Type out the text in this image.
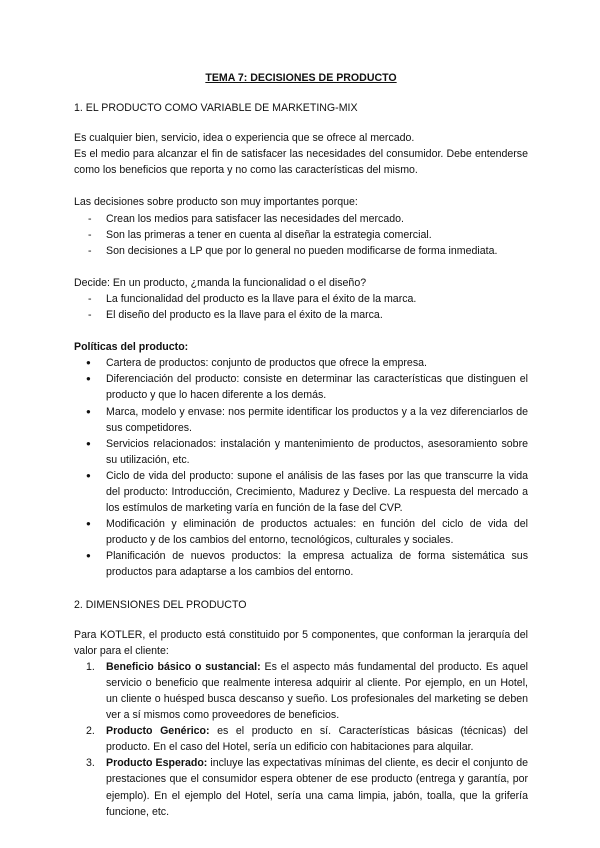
TEMA 7: DECISIONES DE PRODUCTO
1. EL PRODUCTO COMO VARIABLE DE MARKETING-MIX

Es cualquier bien, servicio, idea o experiencia que se ofrece al mercado.

Es el medio para alcanzar el fin de satisfacer las necesidades del consumidor. Debe entenderse como los beneficios que reporta y no como las características del mismo.

Las decisiones sobre producto son muy importantes porque:

- Crean los medios para satisfacer las necesidades del mercado.
- Son las primeras a tener en cuenta al diseñar la estrategia comercial.
- Son decisiones a LP que por lo general no pueden modificarse de forma inmediata.

Decide: En un producto, ¿manda la funcionalidad o el diseño?

- La funcionalidad del producto es la llave para el éxito de la marca.
- El diseño del producto es la llave para el éxito de la marca.

Políticas del producto:

● Cartera de productos: conjunto de productos que ofrece la empresa.
● Diferenciación del producto: consiste en determinar las características que distinguen el producto y que lo hacen diferente a los demás.
● Marca, modelo y envase: nos permite identificar los productos y a la vez diferenciarlos de sus competidores.
● Servicios relacionados: instalación y mantenimiento de productos, asesoramiento sobre su utilización, etc.
● Ciclo de vida del producto: supone el análisis de las fases por las que transcurre la vida del producto: Introducción, Crecimiento, Madurez y Declive. La respuesta del mercado a los estímulos de marketing varía en función de la fase del CVP.
● Modificación y eliminación de productos actuales: en función del ciclo de vida del producto y de los cambios del entorno, tecnológicos, culturales y sociales.
● Planificación de nuevos productos: la empresa actualiza de forma sistemática sus productos para adaptarse a los cambios del entorno.
2. DIMENSIONES DEL PRODUCTO

Para KOTLER, el producto está constituido por 5 componentes, que conforman la jerarquía del valor para el cliente:

1. Beneficio básico o sustancial: Es el aspecto más fundamental del producto. Es aquel servicio o beneficio que realmente interesa adquirir al cliente. Por ejemplo, en un Hotel, un cliente o huésped busca descanso y sueño. Los profesionales del marketing se deben ver a sí mismos como proveedores de beneficios.
2. Producto Genérico: es el producto en sí. Características básicas (técnicas) del producto. En el caso del Hotel, sería un edificio con habitaciones para alquilar.
3. Producto Esperado: incluye las expectativas mínimas del cliente, es decir el conjunto de prestaciones que el consumidor espera obtener de ese producto (entrega y garantía, por ejemplo). En el ejemplo del Hotel, sería una cama limpia, jabón, toalla, que la grifería funcione, etc.
